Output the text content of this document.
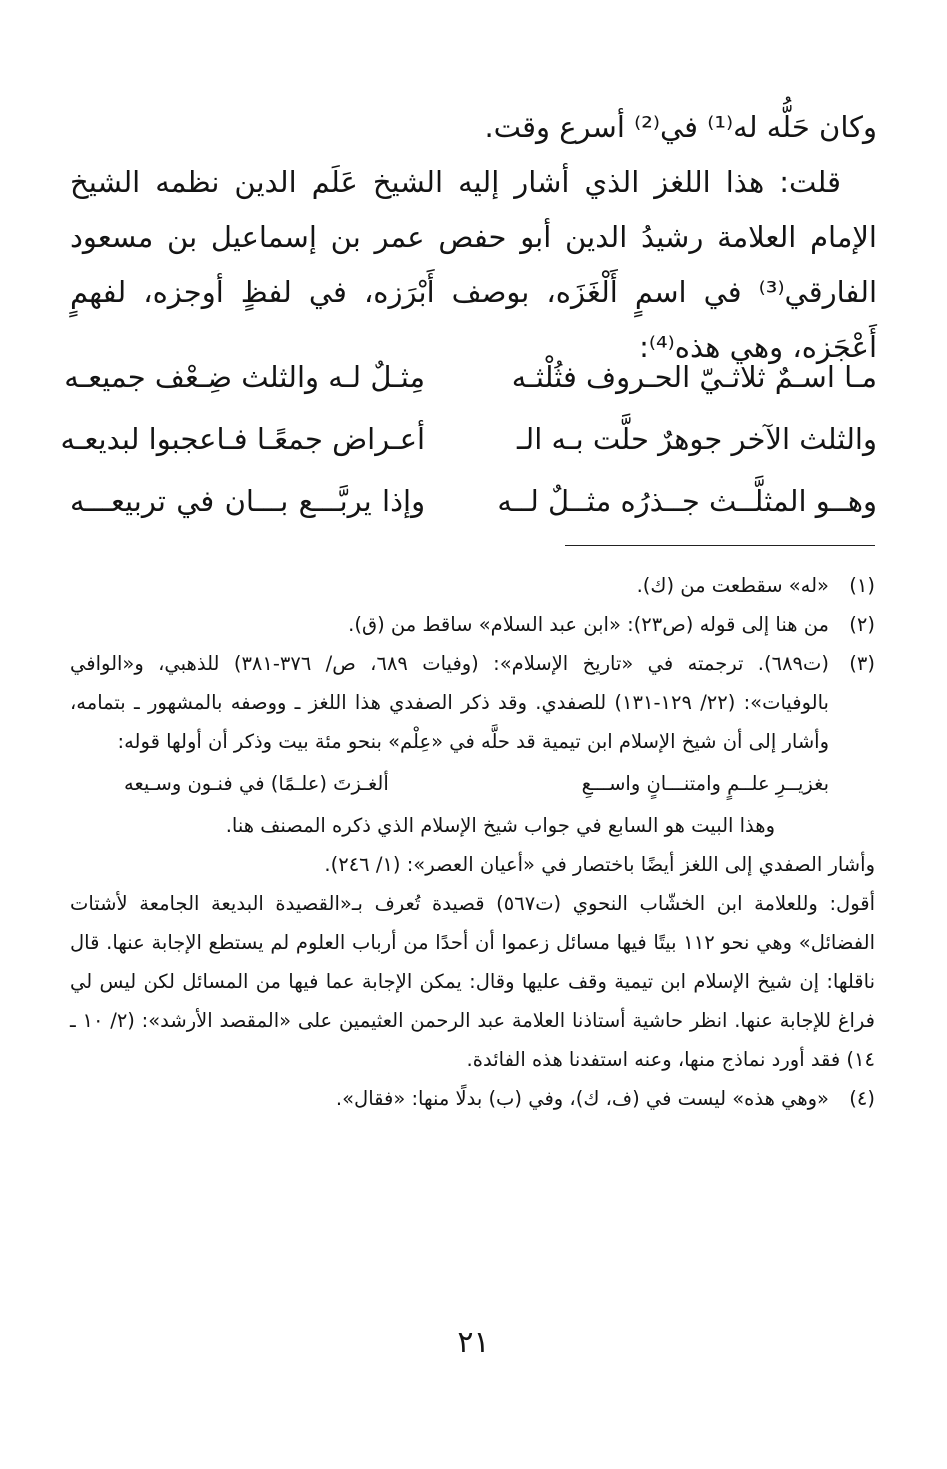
وكان حَلُّه له⁽¹⁾ في⁽²⁾ أسرع وقت.

قلت: هذا اللغز الذي أشار إليه الشيخ عَلَم الدين نظمه الشيخ الإمام العلامة رشيدُ الدين أبو حفص عمر بن إسماعيل بن مسعود الفارقي⁽³⁾ في اسمٍ أَلْغَزَه، بوصف أَبْرَزه، في لفظٍ أوجزه، لفهمٍ أَعْجَزه، وهي هذه⁽⁴⁾:

مـا اسـمٌ ثلاثـيّ الحـروف فثُلْثـه
مِثـلٌ لـه والثلث ضِـعْف جميعـه
والثلث الآخر جوهرٌ حلَّت بـه الـ
أعـراض جمعًـا فـاعجبوا لبديعـه
وهــو المثلَّــث جــذرُه مثــلٌ لــه
وإذا يربَّـــع بـــان في تربيعـــه
(١)
«له» سقطعت من (ك).
(٢)
من هنا إلى قوله (ص٢٣): «ابن عبد السلام» ساقط من (ق).
(٣)

(ت٦٨٩). ترجمته في «تاريخ الإسلام»: (وفيات ٦٨٩، ص/ ٣٧٦-٣٨١) للذهبي، و«الوافي بالوفيات»: (٢٢/ ١٢٩-١٣١) للصفدي. وقد ذكر الصفدي هذا اللغز ـ ووصفه بالمشهور ـ بتمامه، وأشار إلى أن شيخ الإسلام ابن تيمية قد حلَّه في «عِلْم» بنحو مئة بيت وذكر أن أولها قوله:

بغزيــرِ علــمٍ وامتنـــانٍ واســـعِ
ألغـزتَ (علـمًا) في فنـون وسـيعه

وهذا البيت هو السابع في جواب شيخ الإسلام الذي ذكره المصنف هنا.

وأشار الصفدي إلى اللغز أيضًا باختصار في «أعيان العصر»: (١/ ٢٤٦).

أقول: وللعلامة ابن الخشّاب النحوي (ت٥٦٧) قصيدة تُعرف بـ«القصيدة البديعة الجامعة لأشتات الفضائل» وهي نحو ١١٢ بيتًا فيها مسائل زعموا أن أحدًا من أرباب العلوم لم يستطع الإجابة عنها. قال ناقلها: إن شيخ الإسلام ابن تيمية وقف عليها وقال: يمكن الإجابة عما فيها من المسائل لكن ليس لي فراغ للإجابة عنها. انظر حاشية أستاذنا العلامة عبد الرحمن العثيمين على «المقصد الأرشد»: (٢/ ١٠ ـ ١٤) فقد أورد نماذج منها، وعنه استفدنا هذه الفائدة.

(٤)
«وهي هذه» ليست في (ف، ك)، وفي (ب) بدلًا منها: «فقال».
٢١
